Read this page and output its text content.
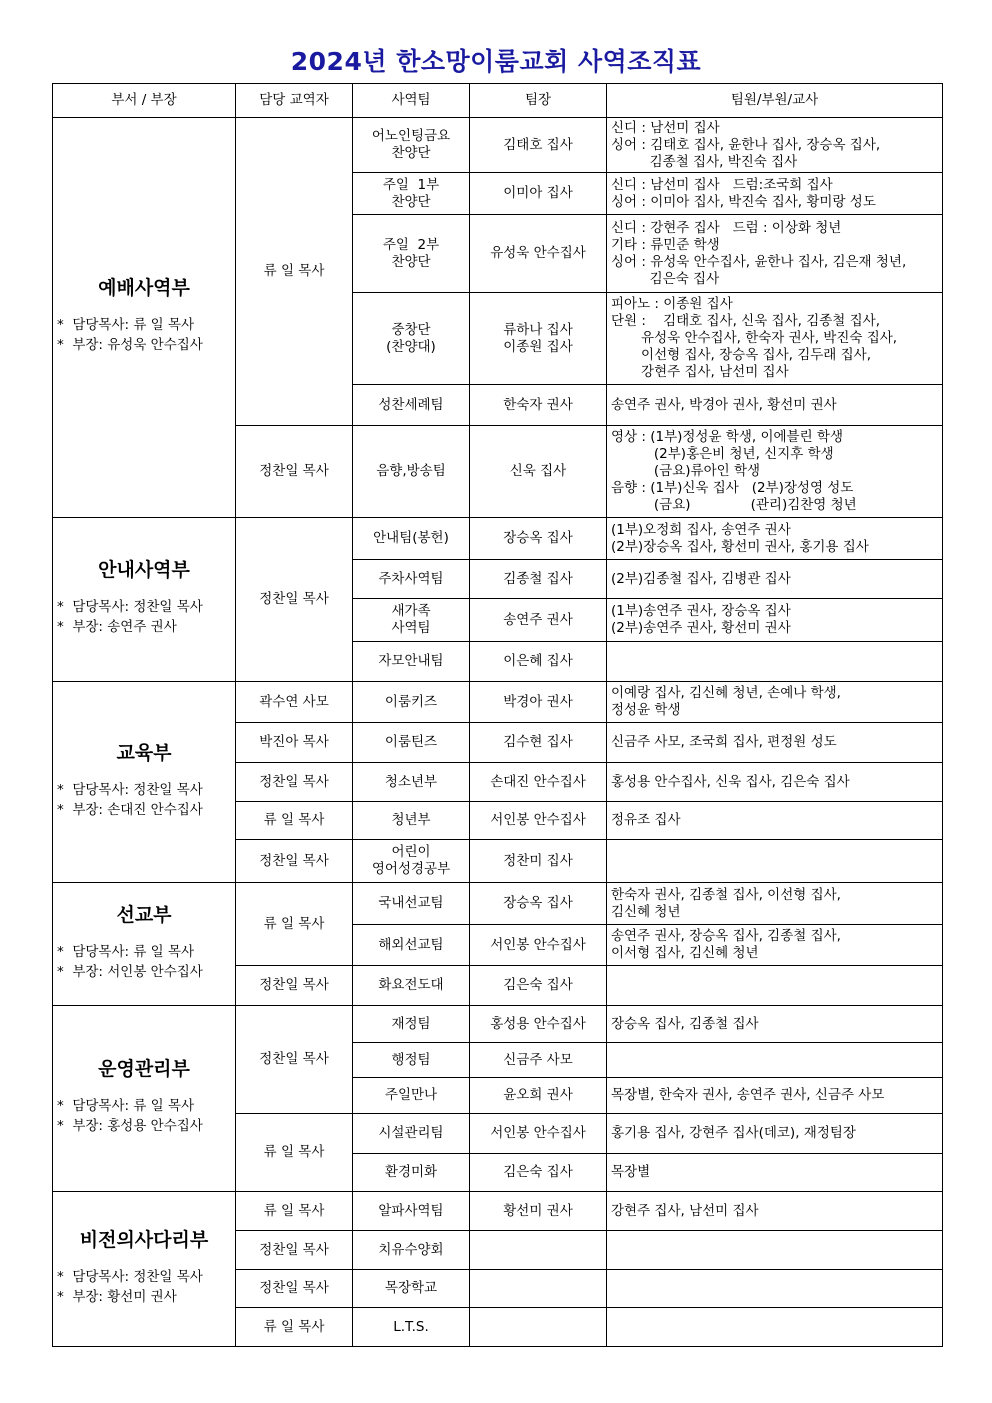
2024년 한소망이룸교회 사역조직표
부서 / 부장	담당 교역자	사역팀	팀장	팀원/부원/교사

예배사역부
*  담당목사: 류 일 목사
*  부장: 유성욱 안수집사	류 일 목사	어노인팅금요
찬양단	김태호 집사	신디 : 남선미 집사
싱어 : 김태호 집사, 윤한나 집사, 장승옥 집사,
김종철 집사, 박진숙 집사
		주일  1부
찬양단	이미아 집사	신디 : 남선미 집사   드럼:조국희 집사
싱어 : 이미아 집사, 박진숙 집사, 황미랑 성도
		주일  2부
찬양단	유성욱 안수집사	신디 : 강현주 집사   드럼 : 이상화 청년
기타 : 류민준 학생
싱어 : 유성욱 안수집사, 윤한나 집사, 김은재 청년,
김은숙 집사
		중창단
(찬양대)	류하나 집사
이종원 집사	피아노 : 이종원 집사
단원 :    김태호 집사, 신욱 집사, 김종철 집사,
유성욱 안수집사, 한숙자 권사, 박진숙 집사,
이선형 집사, 장승옥 집사, 김두래 집사,
강현주 집사, 남선미 집사
		성찬세례팀	한숙자 권사	송연주 권사, 박경아 권사, 황선미 권사
	정찬일 목사	음향,방송팀	신욱 집사	영상 : (1부)정성윤 학생, 이에블린 학생
(2부)홍은비 청년, 신지후 학생
(금요)류아인 학생
음향 : (1부)신욱 집사   (2부)장성영 성도
(금요)              (관리)김찬영 청년

안내사역부
*  담당목사: 정찬일 목사
*  부장: 송연주 권사	정찬일 목사	안내팀(봉헌)	장승옥 집사	(1부)오정희 집사, 송연주 권사
(2부)장승옥 집사, 황선미 권사, 홍기용 집사
		주차사역팀	김종철 집사	(2부)김종철 집사, 김병관 집사
		새가족
사역팀	송연주 권사	(1부)송연주 권사, 장승옥 집사
(2부)송연주 권사, 황선미 권사
		자모안내팀	이은혜 집사	

교육부
*  담당목사: 정찬일 목사
*  부장: 손대진 안수집사	곽수연 사모	이룸키즈	박경아 권사	이예랑 집사, 김신혜 청년, 손예나 학생,
정성윤 학생
	박진아 목사	이룸틴즈	김수현 집사	신금주 사모, 조국희 집사, 편정원 성도
	정찬일 목사	청소년부	손대진 안수집사	홍성용 안수집사, 신욱 집사, 김은숙 집사
	류 일 목사	청년부	서인봉 안수집사	정유조 집사
	정찬일 목사	어린이
영어성경공부	정찬미 집사	

선교부
*  담당목사: 류 일 목사
*  부장: 서인봉 안수집사	류 일 목사	국내선교팀	장승옥 집사	한숙자 권사, 김종철 집사, 이선형 집사,
김신혜 청년
		해외선교팀	서인봉 안수집사	송연주 권사, 장승옥 집사, 김종철 집사,
이서형 집사, 김신혜 청년
	정찬일 목사	화요전도대	김은숙 집사	

운영관리부
*  담당목사: 류 일 목사
*  부장: 홍성용 안수집사	정찬일 목사	재정팀	홍성용 안수집사	장승옥 집사, 김종철 집사
		행정팀	신금주 사모	
		주일만나	윤오희 권사	목장별, 한숙자 권사, 송연주 권사, 신금주 사모
	류 일 목사	시설관리팀	서인봉 안수집사	홍기용 집사, 강현주 집사(데코), 재정팀장
		환경미화	김은숙 집사	목장별

비전의사다리부
*  담당목사: 정찬일 목사
*  부장: 황선미 권사	류 일 목사	알파사역팀	황선미 권사	강현주 집사, 남선미 집사
	정찬일 목사	치유수양회		
	정찬일 목사	목장학교		
	류 일 목사	L.T.S.		
